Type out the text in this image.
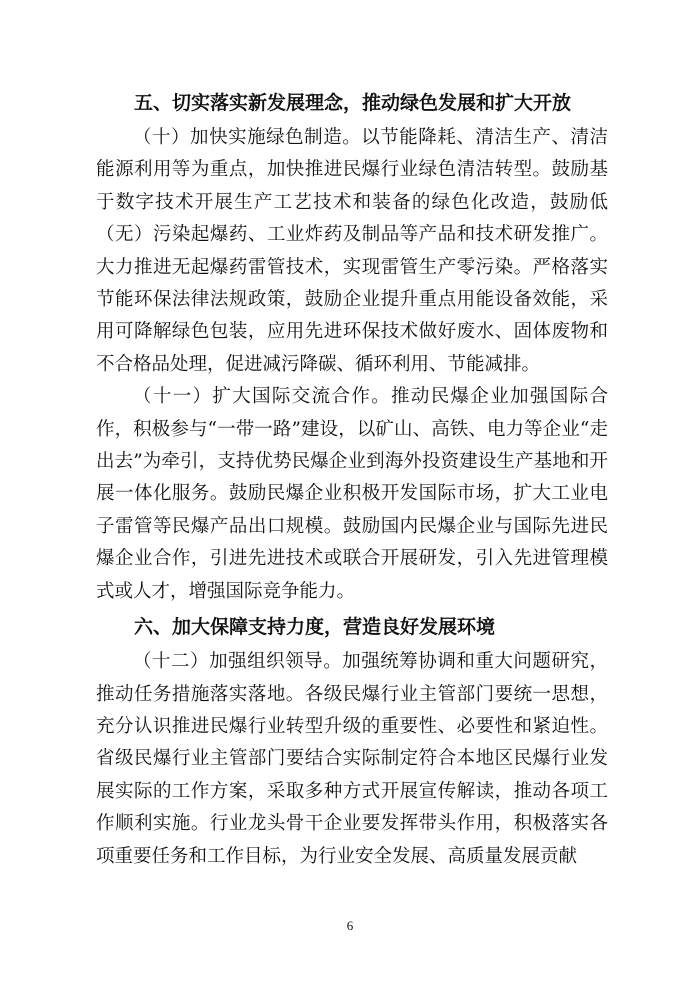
五、切实落实新发展理念，推动绿色发展和扩大开放

（十）加快实施绿色制造。以节能降耗、清洁生产、清洁能源利用等为重点，加快推进民爆行业绿色清洁转型。鼓励基于数字技术开展生产工艺技术和装备的绿色化改造，鼓励低（无）污染起爆药、工业炸药及制品等产品和技术研发推广。大力推进无起爆药雷管技术，实现雷管生产零污染。严格落实节能环保法律法规政策，鼓励企业提升重点用能设备效能，采用可降解绿色包装，应用先进环保技术做好废水、固体废物和不合格品处理，促进减污降碳、循环利用、节能减排。

（十一）扩大国际交流合作。推动民爆企业加强国际合作，积极参与“一带一路”建设，以矿山、高铁、电力等企业“走出去”为牵引，支持优势民爆企业到海外投资建设生产基地和开展一体化服务。鼓励民爆企业积极开发国际市场，扩大工业电子雷管等民爆产品出口规模。鼓励国内民爆企业与国际先进民爆企业合作，引进先进技术或联合开展研发，引入先进管理模式或人才，增强国际竞争能力。

六、加大保障支持力度，营造良好发展环境

（十二）加强组织领导。加强统筹协调和重大问题研究，推动任务措施落实落地。各级民爆行业主管部门要统一思想，充分认识推进民爆行业转型升级的重要性、必要性和紧迫性。省级民爆行业主管部门要结合实际制定符合本地区民爆行业发展实际的工作方案，采取多种方式开展宣传解读，推动各项工作顺利实施。行业龙头骨干企业要发挥带头作用，积极落实各项重要任务和工作目标，为行业安全发展、高质量发展贡献

6
